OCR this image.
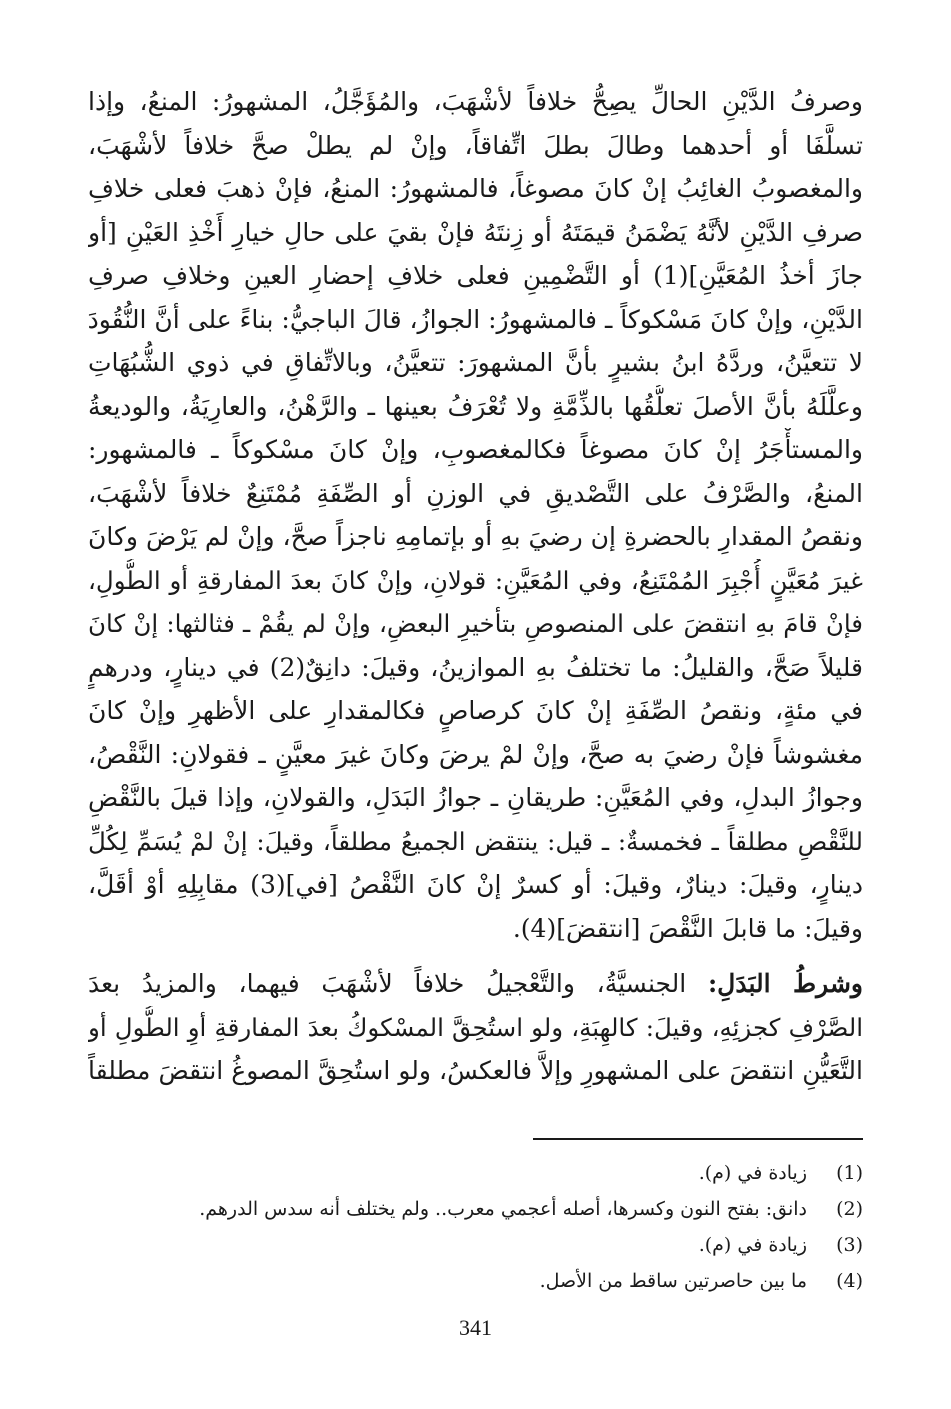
وصرفُ الدَّيْنِ الحالِّ يصِحُّ خلافاً لأشْهَبَ، والمُؤَجَّلُ، المشهورُ: المنعُ، وإذا
تسلَّفَا أو أحدهما وطالَ بطلَ اتِّفاقاً، وإنْ لم يطلْ صحَّ خلافاً لأشْهَبَ،
والمغصوبُ الغائِبُ إنْ كانَ مصوغاً، فالمشهورُ: المنعُ، فإنْ ذهبَ فعلى خلافِ
صرفِ الدَّيْنِ لأنَّهُ يَضْمَنُ قيمَتَهُ أو زِنتَهُ فإنْ بقيَ على حالِ خيارِ أَخْذِ العَيْنِ [أو
جازَ أخذُ المُعَيَّنِ](1) أو التَّضْمِينِ فعلى خلافِ إحضارِ العينِ وخلافِ صرفِ
الدَّيْنِ، وإنْ كانَ مَسْكوكاً ـ فالمشهورُ: الجوازُ، قالَ الباجيُّ: بناءً على أنَّ النُّقُودَ
لا تتعيَّنُ، وردَّهُ ابنُ بشيرٍ بأنَّ المشهورَ: تتعيَّنُ، وبالاتِّفاقِ في ذوي الشُّبُهَاتِ
وعلَّلَهُ بأنَّ الأصلَ تعلُّقُها بالذِّمَّةِ ولا تُعْرَفُ بعينها ـ والرَّهْنُ، والعارِيَةُ، والوديعةُ
والمستأْجَرُ إنْ كانَ مصوغاً فكالمغصوبِ، وإنْ كانَ مسْكوكاً ـ فالمشهور:
المنعُ، والصَّرْفُ على التَّصْديقِ في الوزنِ أو الصِّفَةِ مُمْتَنِعٌ خلافاً لأشْهَبَ،
ونقصُ المقدارِ بالحضرةِ إن رضيَ بهِ أو بإتمامِهِ ناجزاً صحَّ، وإنْ لم يَرْضَ وكانَ
غيرَ مُعَيَّنٍ أُجْبِرَ المُمْتَنِعُ، وفي المُعَيَّنِ: قولانِ، وإنْ كانَ بعدَ المفارقةِ أو الطُّولِ،
فإنْ قامَ بهِ انتقضَ على المنصوصِ بتأخيرِ البعضِ، وإنْ لم يقُمْ ـ فثالثها: إنْ كانَ
قليلاً صَحَّ، والقليلُ: ما تختلفُ بهِ الموازينُ، وقيلَ: دانِقٌ(2) في دينارٍ، ودرهمٍ
في مئةٍ، ونقصُ الصِّفَةِ إنْ كانَ كرصاصٍ فكالمقدارِ على الأظهرِ وإنْ كانَ
مغشوشاً فإنْ رضيَ به صحَّ، وإنْ لمْ يرضَ وكانَ غيرَ معيَّنٍ ـ فقولانِ: النَّقْصُ،
وجوازُ البدلِ، وفي المُعَيَّنِ: طريقانِ ـ جوازُ البَدَلِ، والقولانِ، وإذا قيلَ بالنَّقْضِ
للنَّقْصِ مطلقاً ـ فخمسةٌ: ـ قيل: ينتقض الجميعُ مطلقاً، وقيلَ: إنْ لمْ يُسَمِّ لِكُلِّ
دينارٍ، وقيلَ: دينارٌ، وقيلَ: أو كسرٌ إنْ كانَ النَّقْصُ [في](3) مقابِلِهِ أوْ أقَلَّ،
وقيلَ: ما قابلَ النَّقْصَ [انتقضَ](4).
وشرطُ البَدَلِ: الجنسيَّةُ، والتَّعْجيلُ خلافاً لأشْهَبَ فيهما، والمزيدُ بعدَ
الصَّرْفِ كجزئِهِ، وقيلَ: كالهِبَةِ، ولو استُحِقَّ المسْكوكُ بعدَ المفارقةِ أوِ الطُّولِ أو
التَّعَيُّنِ انتقضَ على المشهورِ وإلاَّ فالعكسُ، ولو استُحِقَّ المصوغُ انتقضَ مطلقاً
(1)
زيادة في (م).
(2)
دانق: بفتح النون وكسرها، أصله أعجمي معرب.. ولم يختلف أنه سدس الدرهم.
(3)
زيادة في (م).
(4)
ما بين حاصرتين ساقط من الأصل.
341
